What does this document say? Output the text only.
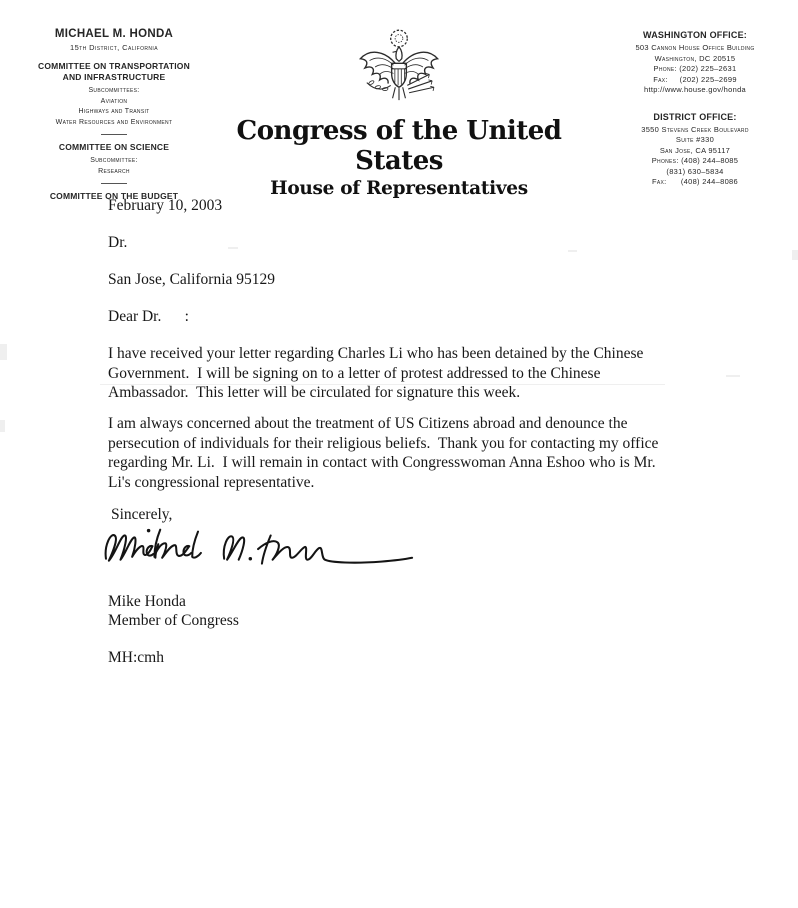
MICHAEL M. HONDA
15th District, California
COMMITTEE ON TRANSPORTATION
AND INFRASTRUCTURE
Subcommittees:
Aviation
Highways and Transit
Water Resources and Environment
COMMITTEE ON SCIENCE
Subcommittee:
Research
COMMITTEE ON THE BUDGET
Congress of the United States
House of Representatives
WASHINGTON OFFICE:
503 Cannon House Office Building
Washington, DC 20515
Phone: (202) 225–2631
Fax:     (202) 225–2699
http://www.house.gov/honda
DISTRICT OFFICE:
3550 Stevens Creek Boulevard
Suite #330
San Jose, CA 95117
Phones: (408) 244–8085
(831) 630–5834
Fax:      (408) 244–8086
February 10, 2003
Dr.
San Jose, California 95129
Dear Dr.      :
I have received your letter regarding Charles Li who has been detained by the Chinese
Government.  I will be signing on to a letter of protest addressed to the Chinese
Ambassador.  This letter will be circulated for signature this week.
I am always concerned about the treatment of US Citizens abroad and denounce the
persecution of individuals for their religious beliefs.  Thank you for contacting my office
regarding Mr. Li.  I will remain in contact with Congresswoman Anna Eshoo who is Mr.
Li's congressional representative.
Sincerely,
Mike Honda
Member of Congress
MH:cmh
